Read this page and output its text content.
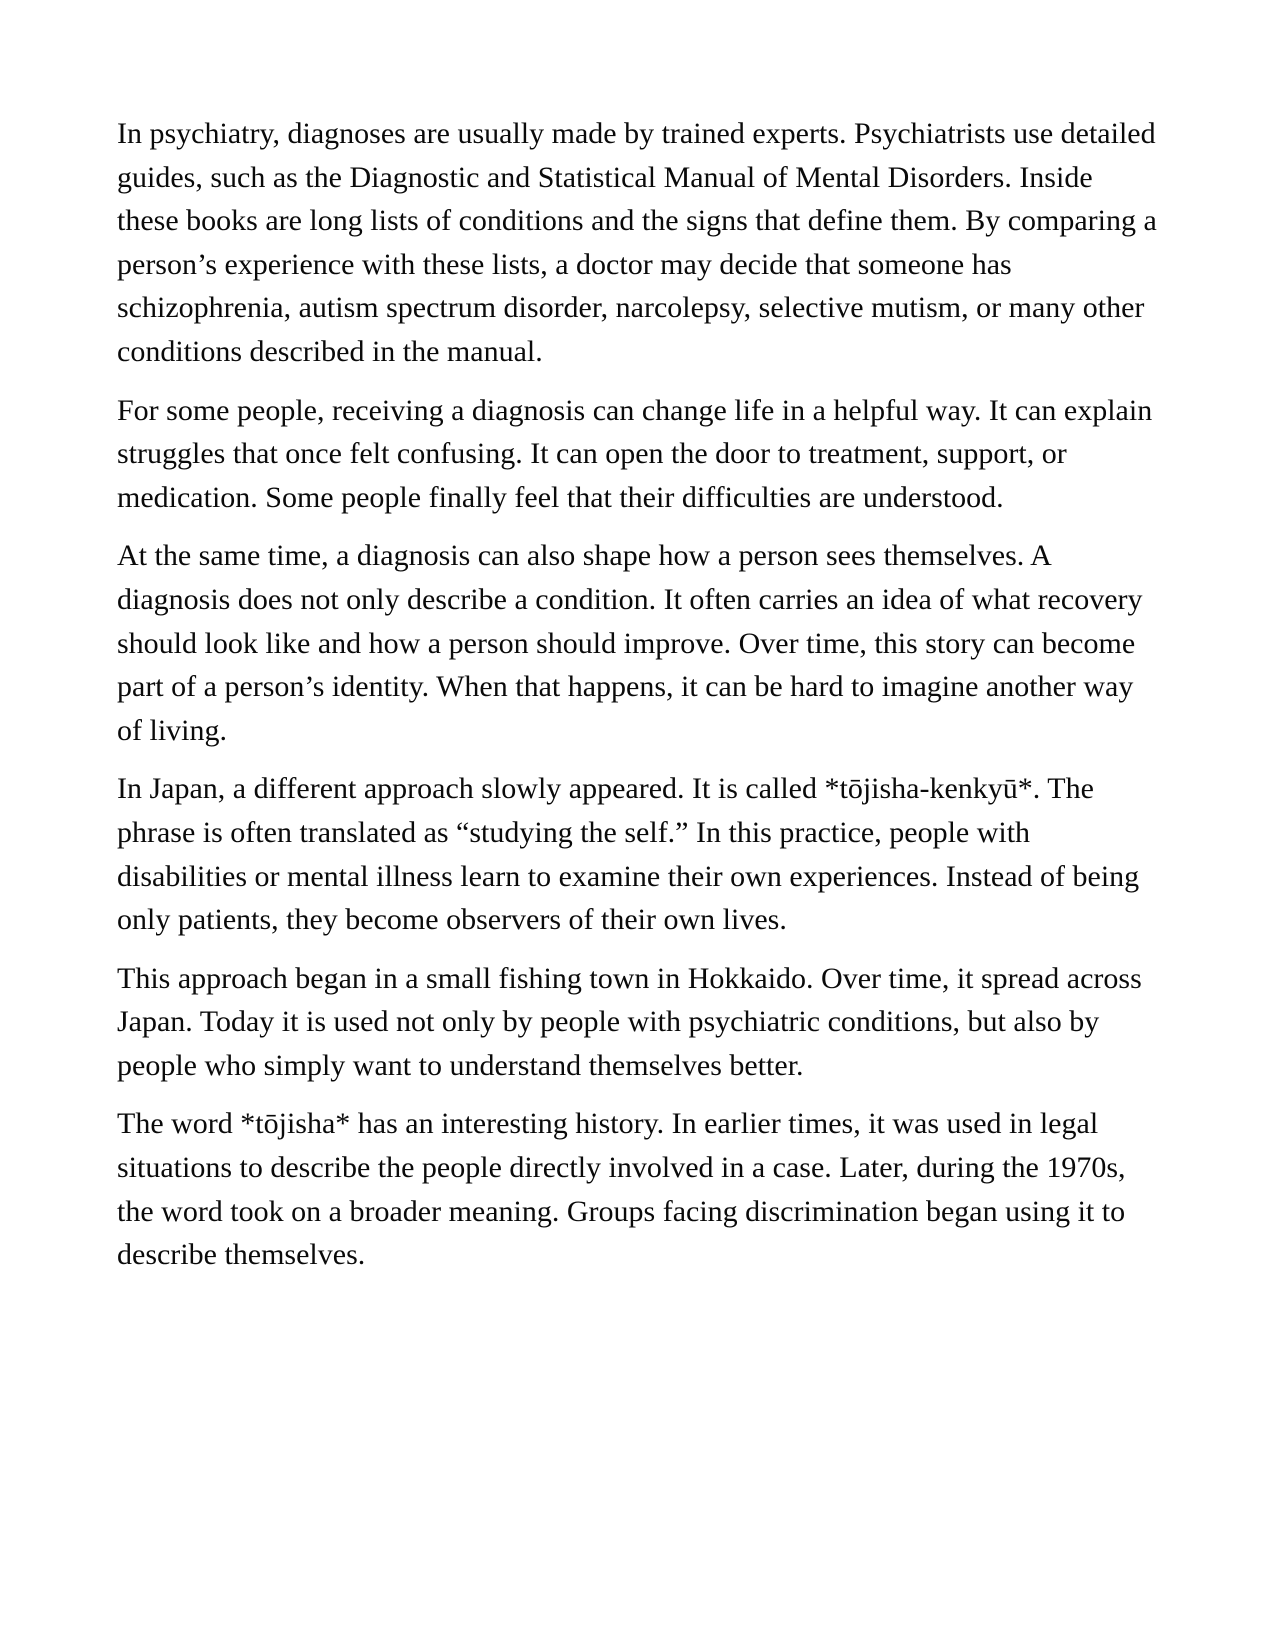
In psychiatry, diagnoses are usually made by trained experts. Psychiatrists use detailed guides, such as the Diagnostic and Statistical Manual of Mental Disorders. Inside these books are long lists of conditions and the signs that define them. By comparing a person’s experience with these lists, a doctor may decide that someone has schizophrenia, autism spectrum disorder, narcolepsy, selective mutism, or many other conditions described in the manual.

For some people, receiving a diagnosis can change life in a helpful way. It can explain struggles that once felt confusing. It can open the door to treatment, support, or medication. Some people finally feel that their difficulties are understood.

At the same time, a diagnosis can also shape how a person sees themselves. A diagnosis does not only describe a condition. It often carries an idea of what recovery should look like and how a person should improve. Over time, this story can become part of a person’s identity. When that happens, it can be hard to imagine another way of living.

In Japan, a different approach slowly appeared. It is called *tōjisha-kenkyū*. The phrase is often translated as “studying the self.” In this practice, people with disabilities or mental illness learn to examine their own experiences. Instead of being only patients, they become observers of their own lives.

This approach began in a small fishing town in Hokkaido. Over time, it spread across Japan. Today it is used not only by people with psychiatric conditions, but also by people who simply want to understand themselves better.

The word *tōjisha* has an interesting history. In earlier times, it was used in legal situations to describe the people directly involved in a case. Later, during the 1970s, the word took on a broader meaning. Groups facing discrimination began using it to describe themselves.
